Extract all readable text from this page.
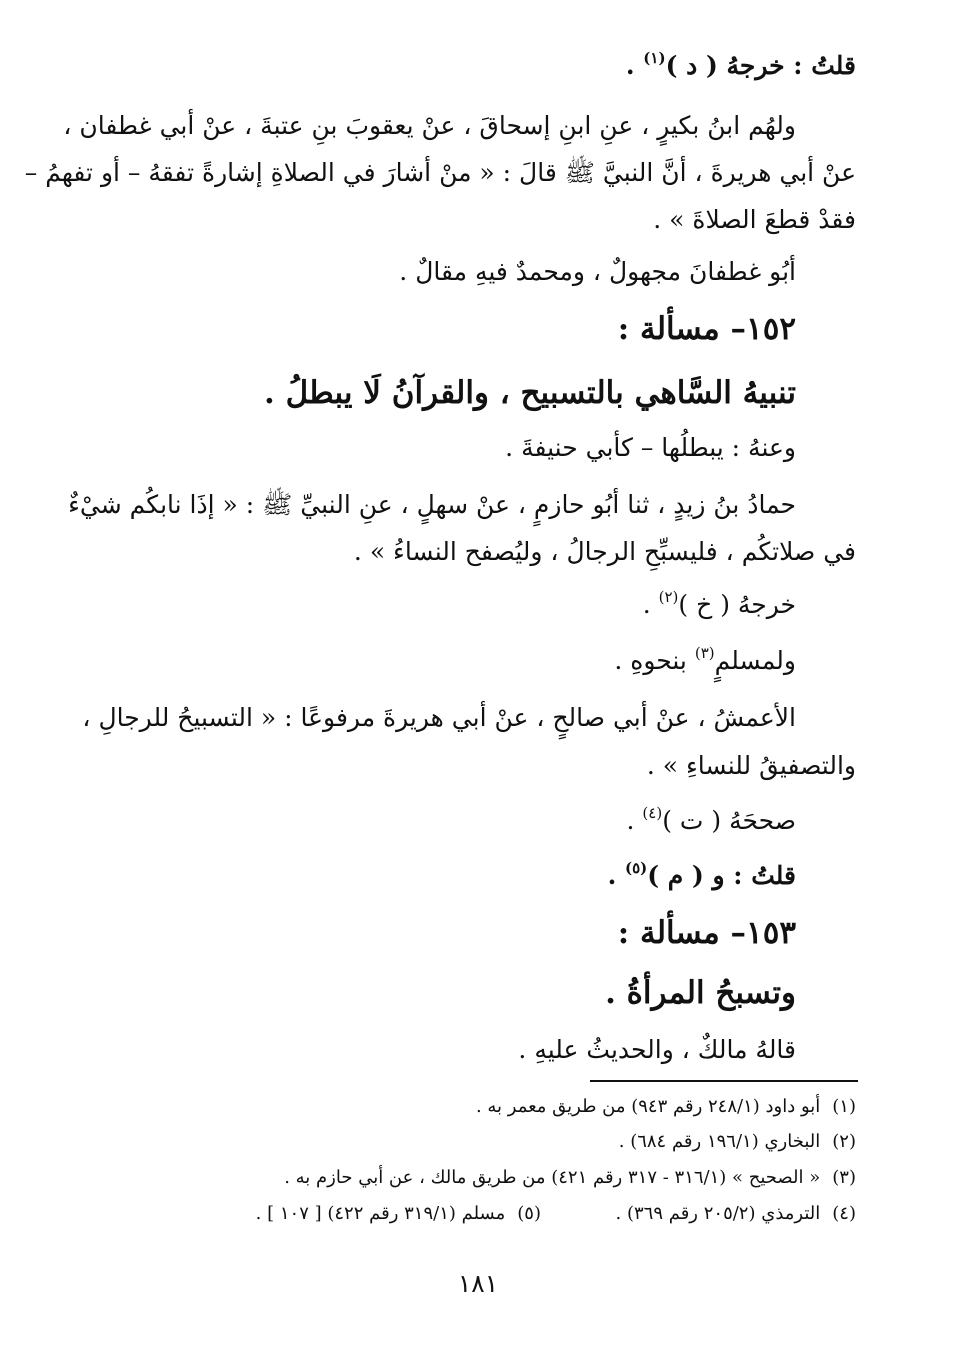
قلتُ : خرجهُ ( د )$^{(١)}$ .
ولهُم ابنُ بكيرٍ ، عنِ ابنِ إسحاقَ ، عنْ يعقوبَ بنِ عتبةَ ، عنْ أبي غطفان ،
عنْ أبي هريرةَ ، أنَّ النبيَّ ﷺ قالَ : « منْ أشارَ في الصلاةِ إشارةً تفقهُ – أو تفهمُ –
فقدْ قطعَ الصلاةَ » .
أبُو غطفانَ مجهولٌ ، ومحمدٌ فيهِ مقالٌ .
١٥٢– مسألة :
تنبيهُ السَّاهي بالتسبيح ، والقرآنُ لَا يبطلُ .
وعنهُ : يبطلُها – كأبي حنيفةَ .
حمادُ بنُ زيدٍ ، ثنا أبُو حازمٍ ، عنْ سهلٍ ، عنِ النبيِّ ﷺ : « إذَا نابكُم شيْءٌ
في صلاتكُم ، فليسبِّحِ الرجالُ ، وليُصفح النساءُ » .
خرجهُ ( خ )$^{(٢)}$ .
ولمسلمٍ$^{(٣)}$ بنحوهِ .
الأعمشُ ، عنْ أبي صالحٍ ، عنْ أبي هريرةَ مرفوعًا : « التسبيحُ للرجالِ ،
والتصفيقُ للنساءِ » .
صححَهُ ( ت )$^{(٤)}$ .
قلتُ : و ( م )$^{(٥)}$ .
١٥٣– مسألة :
وتسبحُ المرأةُ .
قالهُ مالكٌ ، والحديثُ عليهِ .
(١)أبو داود (٢٤٨/١ رقم ٩٤٣) من طريق معمر به .
(٢)البخاري (١٩٦/١ رقم ٦٨٤) .
(٣)« الصحيح » (٣١٦/١ - ٣١٧ رقم ٤٢١) من طريق مالك ، عن أبي حازم به .
(٤)الترمذي (٢٠٥/٢ رقم ٣٦٩) .
(٥)مسلم (٣١٩/١ رقم ٤٢٢) [ ١٠٧ ] .
١٨١
